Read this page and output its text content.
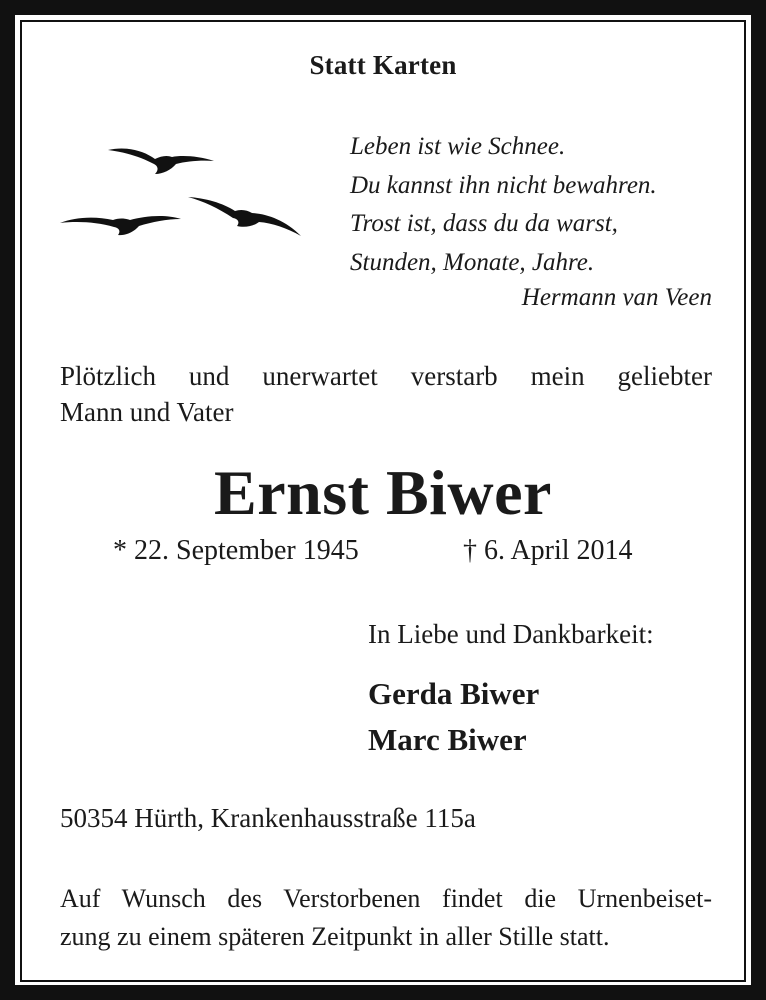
Statt Karten
Leben ist wie Schnee.
Du kannst ihn nicht bewahren.
Trost ist, dass du da warst,
Stunden, Monate, Jahre.
Hermann van Veen
Plötzlich und unerwartet verstarb mein geliebter
Mann und Vater
Ernst Biwer
* 22. September 1945	† 6. April 2014
In Liebe und Dankbarkeit:
Gerda Biwer
Marc Biwer
50354 Hürth, Krankenhausstraße 115a
Auf Wunsch des Verstorbenen findet die Urnenbeiset-
zung zu einem späteren Zeitpunkt in aller Stille statt.
